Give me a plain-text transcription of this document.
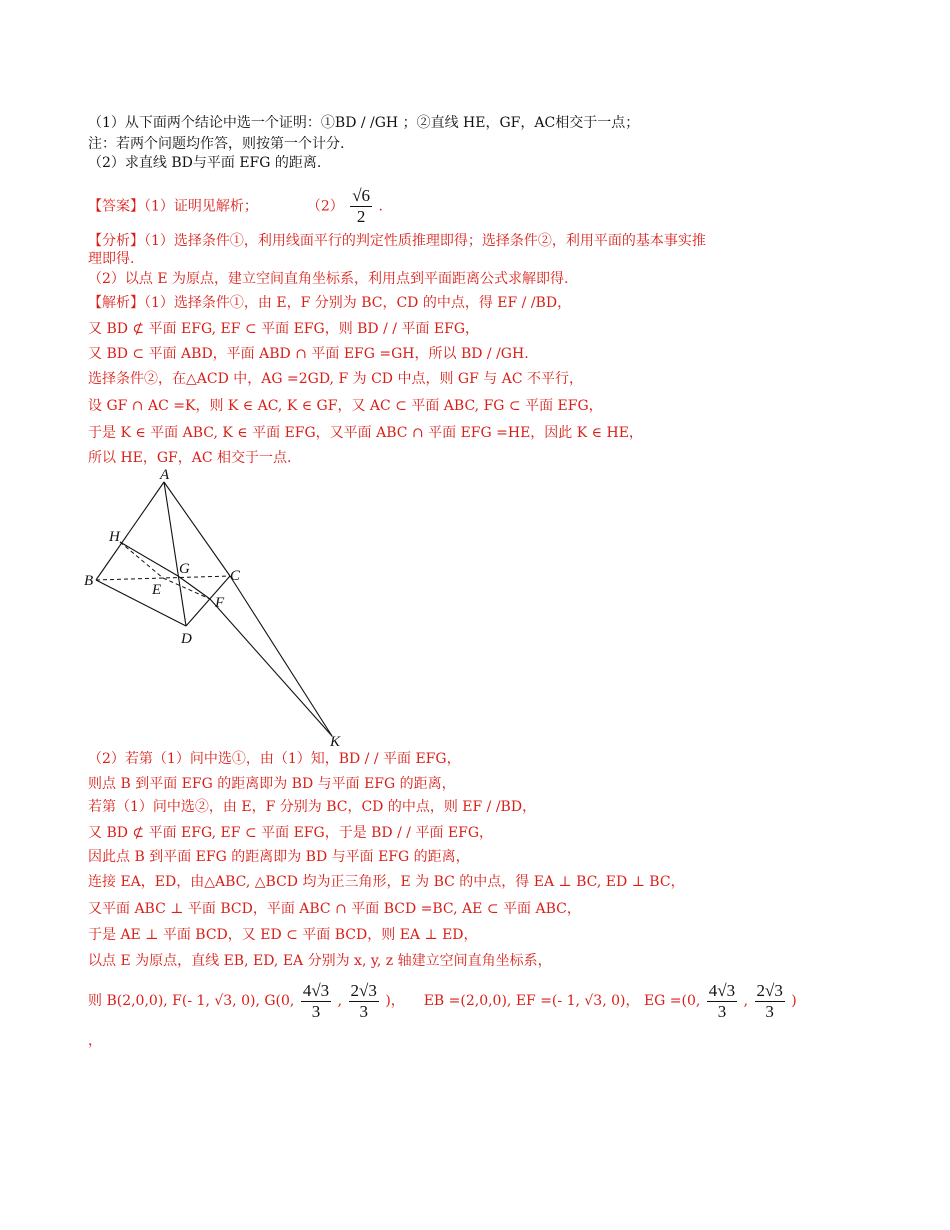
（1）从下面两个结论中选一个证明：①BD / /GH ；②直线 HE，GF，AC相交于一点；
注：若两个问题均作答，则按第一个计分.
（2）求直线 BD与平面 EFG 的距离.
【答案】（1）证明见解析；	$(2) \frac{√6}{2}$ .
【分析】（1）选择条件①，利用线面平行的判定性质推理即得；选择条件②，利用平面的基本事实推
理即得.
（2）以点 E 为原点，建立空间直角坐标系，利用点到平面距离公式求解即得.
【解析】（1）选择条件①，由 E，F 分别为 BC，CD 的中点，得 EF / /BD，
又 BD ⊄ 平面 EFG, EF ⊂ 平面 EFG，则 BD / / 平面 EFG，
又 BD ⊂ 平面 ABD，平面 ABD ∩ 平面 EFG =GH，所以 BD / /GH.
选择条件②，在△ACD 中，AG =2GD, F 为 CD 中点，则 GF 与 AC 不平行，
设 GF ∩ AC =K，则 K ∈ AC, K ∈ GF，又 AC ⊂ 平面 ABC, FG ⊂ 平面 EFG，
于是 K ∈ 平面 ABC, K ∈ 平面 EFG，又平面 ABC ∩ 平面 EFG =HE，因此 K ∈ HE，
所以 HE，GF，AC 相交于一点.
A
H
G	C
B
E
F
D
K
（2）若第（1）问中选①，由（1）知，BD / / 平面 EFG，
则点 B 到平面 EFG 的距离即为 BD 与平面 EFG 的距离，
若第（1）问中选②，由 E，F 分别为 BC，CD 的中点，则 EF / /BD，
又 BD ⊄ 平面 EFG, EF ⊂ 平面 EFG，于是 BD / / 平面 EFG，
因此点 B 到平面 EFG 的距离即为 BD 与平面 EFG 的距离，
连接 EA，ED，由△ABC, △BCD 均为正三角形，E 为 BC 的中点，得 EA ⊥ BC, ED ⊥ BC，
又平面 ABC ⊥ 平面 BCD，平面 ABC ∩ 平面 BCD =BC, AE ⊂ 平面 ABC，
于是 AE ⊥ 平面 BCD，又 ED ⊂ 平面 BCD，则 EA ⊥ ED，
以点 E 为原点，直线 EB, ED, EA 分别为 x, y, z 轴建立空间直角坐标系，
则 B(2,0,0), F(- 1, √3, 0), G(0, $\frac{4√3}{3}$ , $\frac{2√3}{3}$ )， EB =(2,0,0), EF =(- 1, √3, 0)， EG =(0, $\frac{4√3}{3}$ , $\frac{2√3}{3}$ )
，
